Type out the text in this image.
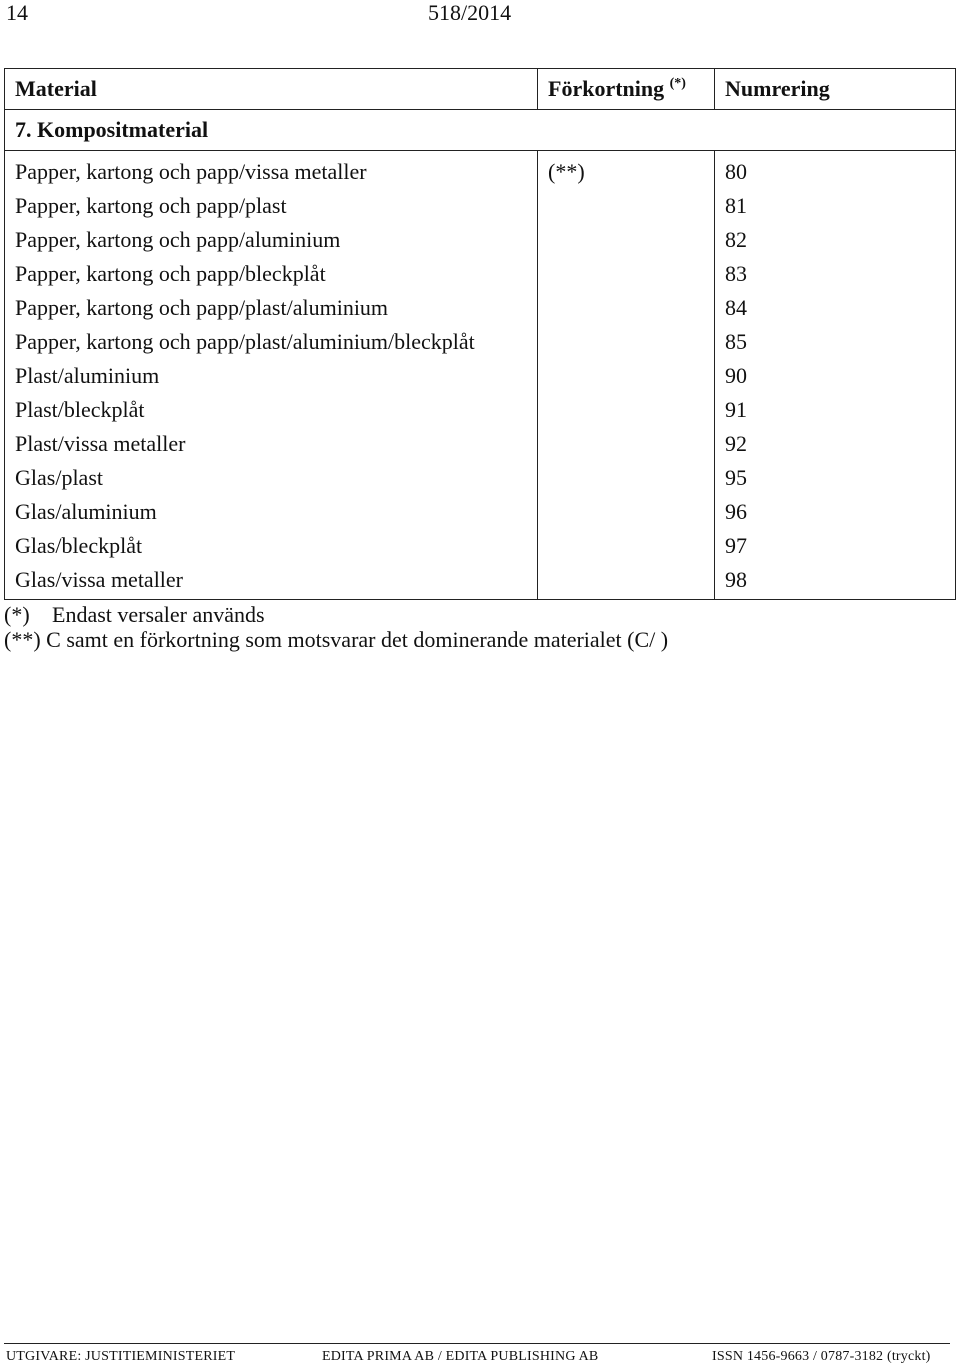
14	518/2014
Material	Förkortning (*)	Numrering
7. Kompositmaterial		
Papper, kartong och papp/vissa metaller	(**)	80
Papper, kartong och papp/plast		81
Papper, kartong och papp/aluminium		82
Papper, kartong och papp/bleckplåt		83
Papper, kartong och papp/plast/aluminium		84
Papper, kartong och papp/plast/aluminium/bleckplåt		85
Plast/aluminium		90
Plast/bleckplåt		91
Plast/vissa metaller		92
Glas/plast		95
Glas/aluminium		96
Glas/bleckplåt		97
Glas/vissa metaller		98
(*) Endast versaler används
(**) C samt en förkortning som motsvarar det dominerande materialet (C/ )
UTGIVARE: JUSTITIEMINISTERIET	EDITA PRIMA AB / EDITA PUBLISHING AB	ISSN 1456-9663 / 0787-3182 (tryckt)
